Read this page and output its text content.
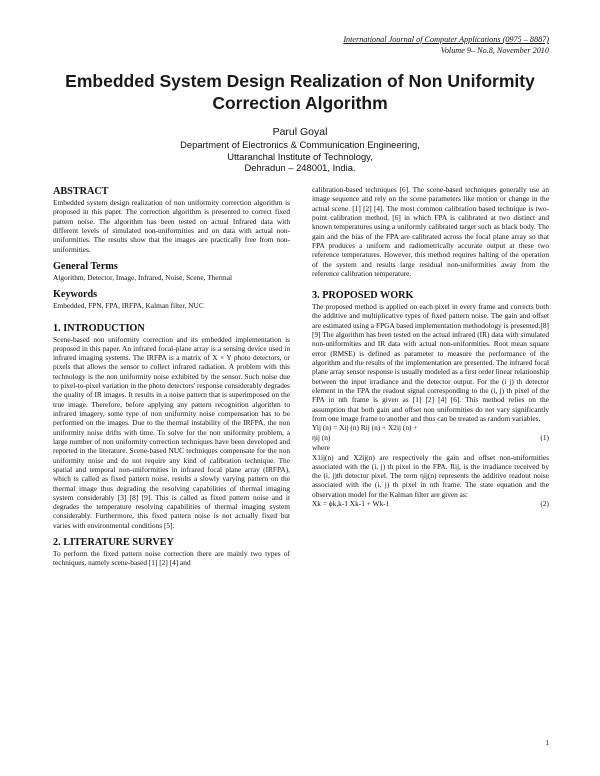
International Journal of Computer Applications (0975 – 8887)
Volume 9– No.8, November 2010
Embedded System Design Realization of Non Uniformity
Correction Algorithm
Parul Goyal
Department of Electronics & Communication Engineering,
Uttaranchal Institute of Technology,
Dehradun – 248001, India.
ABSTRACT

Embedded system design realization of non uniformity correction algorithm is proposed in this paper. The correction algorithm is presented to correct fixed pattern noise. The algorithm has been tested on actual Infrared data with different levels of simulated non-uniformities and on data with actual non-uniformities. The results show that the images are practically free from non-uniformities.

General Terms

Algorithm, Detector, Image, Infrared, Noise, Scene, Thermal

Keywords

Embedded, FPN, FPA, IRFPA, Kalman filter, NUC

1. INTRODUCTION

Scene-based non uniformity correction and its embedded implementation is proposed in this paper. An infrared focal-plane array is a sensing device used in infrared imaging systems. The IRFPA is a matrix of X × Y photo detectors, or pixels that allows the sensor to collect infrared radiation. A problem with this technology is the non uniformity noise exhibited by the sensor. Such noise due to pixel-to-pixel variation in the photo detectors' response considerably degrades the quality of IR images. It results in a noise pattern that is superimposed on the true image. Therefore, before applying any pattern recognition algorithm to infrared imagery, some type of non uniformity noise compensation has to be performed on the images. Due to the thermal instability of the IRFPA, the non uniformity noise drifts with time. To solve for the non uniformity problem, a large number of non uniformity correction techniques have been developed and reported in the literature. Scene-based NUC techniques compensate for the non uniformity noise and do not require any kind of calibration technique. The spatial and temporal non-uniformities in infrared focal plane array (IRFPA), which is called as fixed pattern noise, results a slowly varying pattern on the thermal image thus degrading the resolving capabilities of thermal imaging system considerably [3] [8] [9]. This is called as fixed pattern noise and it degrades the temperature resolving capabilities of thermal imaging system considerably. Furthermore, this fixed pattern noise is not actually fixed but varies with environmental conditions [5].

2. LITERATURE SURVEY

To perform the fixed pattern noise correction there are mainly two types of techniques, namely scene-based [1] [2] [4] and

calibration-based techniques [6]. The scene-based techniques generally use an image sequence and rely on the scene parameters like motion or change in the actual scene. [1] [2] [4]. The most common calibration based technique is two-point calibration method, [6] in which FPA is calibrated at two distinct and known temperatures using a uniformly calibrated target such as black body. The gain and the bias of the FPA are calibrated across the focal plane array so that FPA produces a uniform and radiometrically accurate output at these two reference temperatures. However, this method requires halting of the operation of the system and results large residual non-uniformities away from the reference calibration temperature.

3. PROPOSED WORK

The proposed method is applied on each pixel in every frame and corrects both the additive and multiplicative types of fixed pattern noise. The gain and offset are estimated using a FPGA based implementation methodology is presented.[8] [9] The algorithm has been tested on the actual infrared (IR) data with simulated non-uniformities and IR data with actual non-uniformities. Root mean square error (RMSE) is defined as parameter to measure the performance of the algorithm and the results of the implementation are presented. The infrared focal plane array sensor response is usually modeled as a first order linear relationship between the input irradiance and the detector output. For the (i j) th detector element in the FPA the readout signal corresponding to the (i, j) th pixel of the FPA in nth frame is given as [1] [2] [4] [6]. This method relies on the assumption that both gain and offset non uniformities do not vary significantly from one image frame to another and thus can be treated as random variables.

Yij (n) = Xij (n) Rij (n) + X2ij (n) +
ηij (n)	(1)

where

X1ij(n) and X2ij(n) are respectively the gain and offset non-uniformities associated with the (i, j) th pixel in the FPA. Rij, is the irradiance received by the (i, j)th detector pixel. The term ηij(n) represents the additive readout noise associated with the (i, j) th pixel in nth frame. The state equation and the observation model for the Kalman filter are given as:

Xk = ϕk,k-1 Xk-1 + Wk-1	(2)
1
